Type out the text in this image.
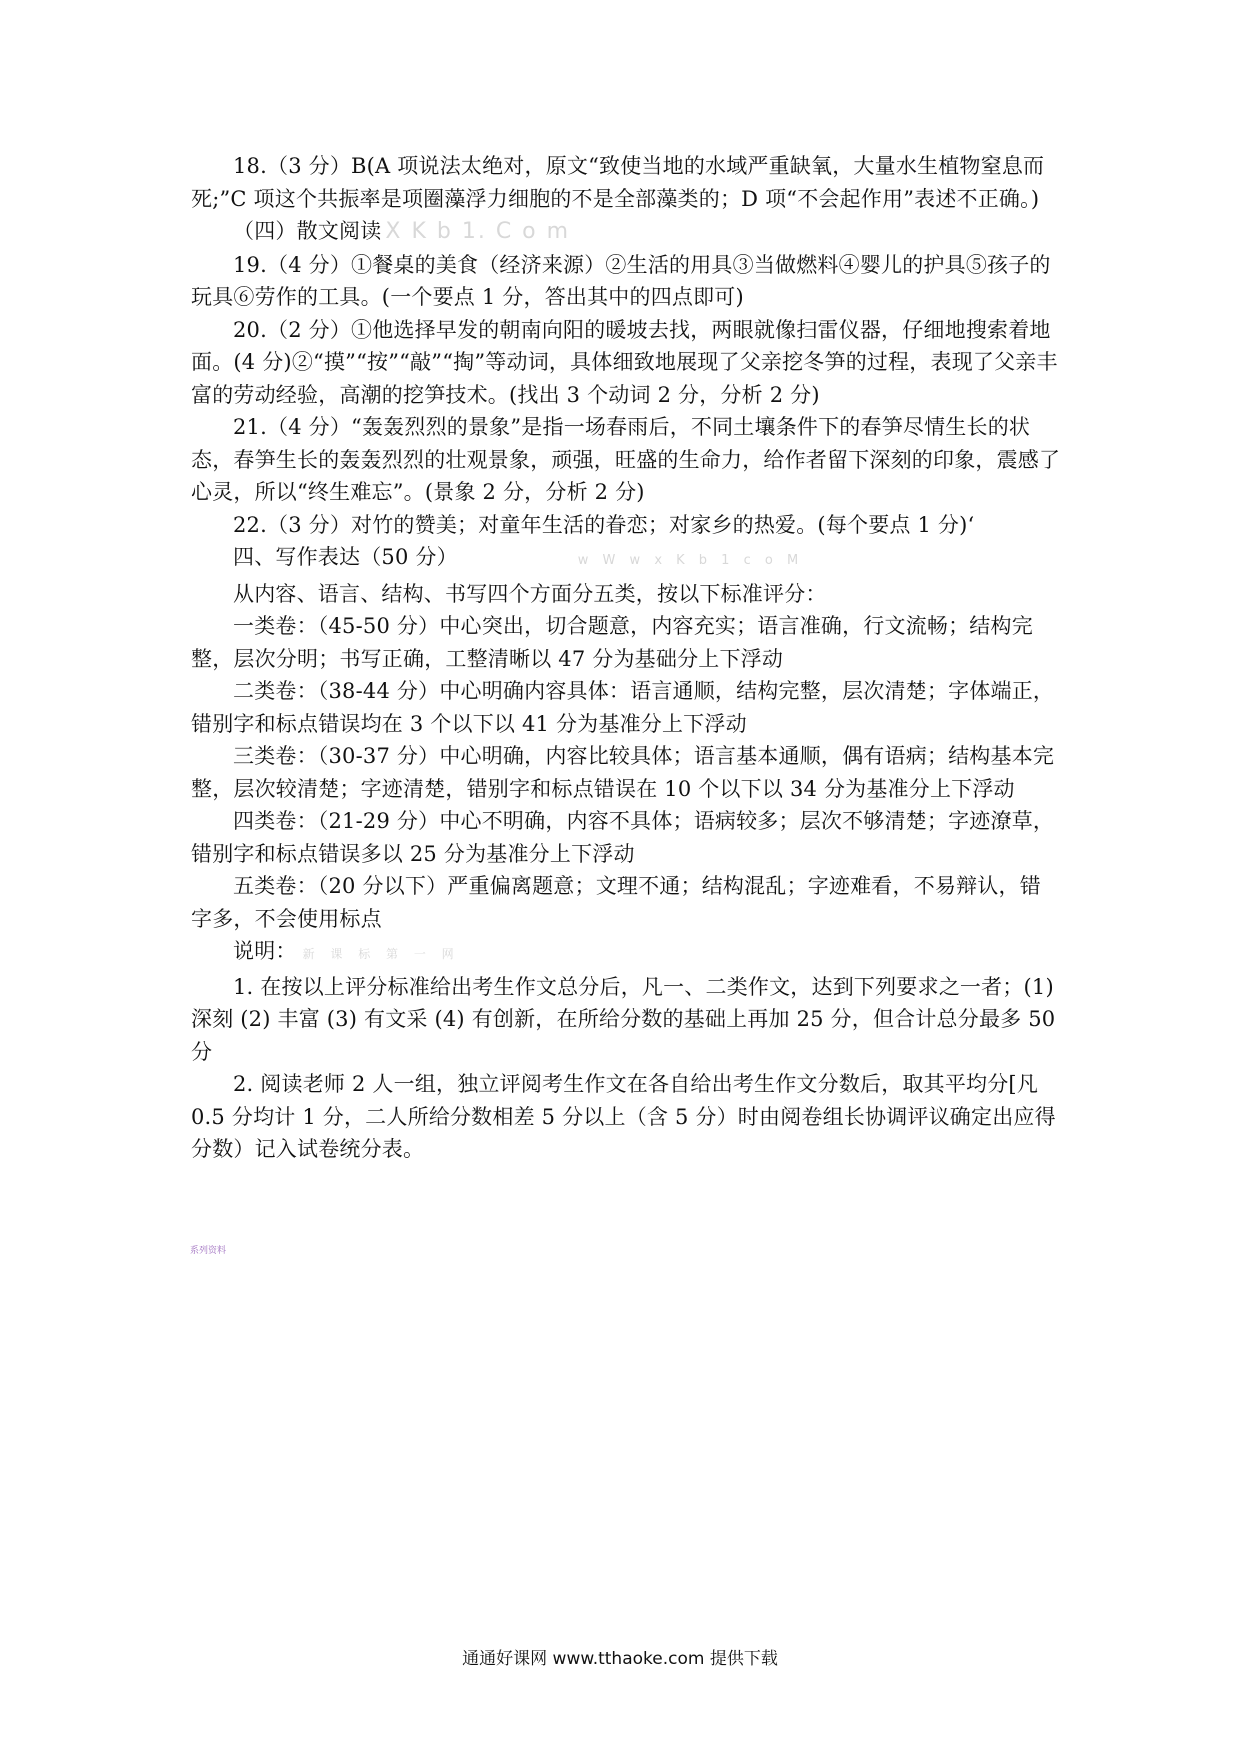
18.（3 分）B(A 项说法太绝对，原文“致使当地的水域严重缺氧，大量水生植物窒息而死;”C 项这个共振率是项圈藻浮力细胞的不是全部藻类的；D 项“不会起作用”表述不正确。)

（四）散文阅读 X K b 1. C o m

19.（4 分）①餐桌的美食（经济来源）②生活的用具③当做燃料④婴儿的护具⑤孩子的玩具⑥劳作的工具。(一个要点 1 分，答出其中的四点即可)

20.（2 分）①他选择早发的朝南向阳的暖坡去找，两眼就像扫雷仪器，仔细地搜索着地面。(4 分)②“摸”“按”“敲”“掏”等动词，具体细致地展现了父亲挖冬笋的过程，表现了父亲丰富的劳动经验，高潮的挖笋技术。(找出 3 个动词 2 分，分析 2 分)

21.（4 分）“轰轰烈烈的景象”是指一场春雨后，不同土壤条件下的春笋尽情生长的状态，春笋生长的轰轰烈烈的壮观景象，顽强，旺盛的生命力，给作者留下深刻的印象，震感了心灵，所以“终生难忘”。(景象 2 分，分析 2 分)

22.（3 分）对竹的赞美；对童年生活的眷恋；对家乡的热爱。(每个要点 1 分)‘

四、写作表达（50 分）	w W w x K b 1 c o M

从内容、语言、结构、书写四个方面分五类，按以下标准评分：

一类卷：（45-50 分）中心突出，切合题意，内容充实；语言准确，行文流畅；结构完整，层次分明；书写正确，工整清晰以 47 分为基础分上下浮动

二类卷：（38-44 分）中心明确内容具体：语言通顺，结构完整，层次清楚；字体端正，错别字和标点错误均在 3 个以下以 41 分为基准分上下浮动

三类卷：（30-37 分）中心明确，内容比较具体；语言基本通顺，偶有语病；结构基本完整，层次较清楚；字迹清楚，错别字和标点错误在 10 个以下以 34 分为基准分上下浮动

四类卷：（21-29 分）中心不明确，内容不具体；语病较多；层次不够清楚；字迹潦草，错别字和标点错误多以 25 分为基准分上下浮动

五类卷：（20 分以下）严重偏离题意；文理不通；结构混乱；字迹难看，不易辩认，错字多，不会使用标点

说明： 新 课 标 第 一 网

1. 在按以上评分标准给出考生作文总分后，凡一、二类作文，达到下列要求之一者；(1) 深刻 (2) 丰富 (3) 有文采 (4) 有创新，在所给分数的基础上再加 25 分，但合计总分最多 50 分

2. 阅读老师 2 人一组，独立评阅考生作文在各自给出考生作文分数后，取其平均分[凡 0.5 分均计 1 分，二人所给分数相差 5 分以上（含 5 分）时由阅卷组长协调评议确定出应得分数）记入试卷统分表。

系列资料
通通好课网 www.tthaoke.com 提供下载
